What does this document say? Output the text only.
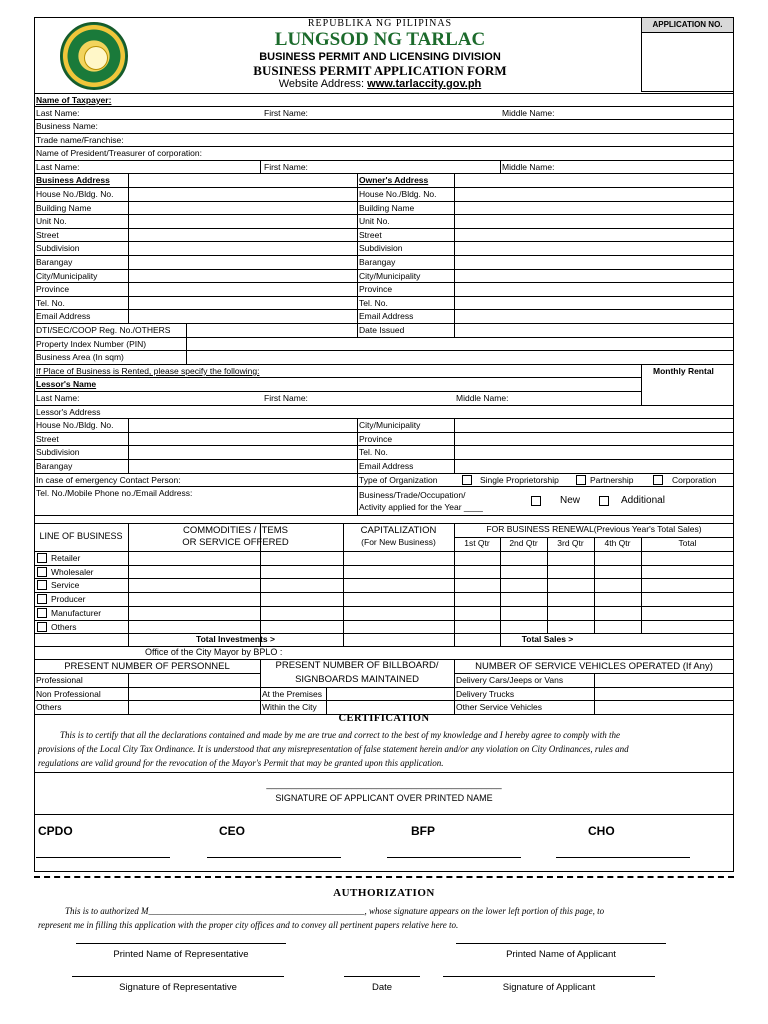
REPUBLIKA NG PILIPINAS
LUNGSOD NG TARLAC
BUSINESS PERMIT AND LICENSING DIVISION
BUSINESS PERMIT APPLICATION FORM
Website Address: www.tarlaccity.gov.ph
APPLICATION NO.
Name of Taxpayer:
Last Name:	First Name:	Middle Name:
Business Name:
Trade name/Franchise:
Name of President/Treasurer of corporation:
Last Name:	First Name:	Middle Name:
Business Address	Owner's Address
House No./Bldg. No.	House No./Bldg. No.
Building Name	Building Name
Unit No.	Unit No.
Street	Street
Subdivision	Subdivision
Barangay	Barangay
City/Municipality	City/Municipality
Province	Province
Tel. No.	Tel. No.
Email Address	Email Address
DTI/SEC/COOP Reg. No./OTHERS	Date Issued
Property Index Number (PIN)
Business Area (In sqm)
If Place of Business is Rented, please specify the following:	Monthly Rental
Lessor's Name
Last Name:	First Name:	Middle Name:
Lessor's Address
House No./Bldg. No.	City/Municipality
Street	Province
Subdivision	Tel. No.
Barangay	Email Address
In case of emergency Contact Person:	Type of Organization	Single Proprietorship	Partnership	Corporation
Tel. No./Mobile Phone no./Email Address:	Business/Trade/Occupation/
Activity applied for the Year ____
New	Additional
LINE OF BUSINESS	COMMODITIES / ITEMS
OR SERVICE OFFERED
CAPITALIZATION
(For New Business)
FOR BUSINESS RENEWAL(Previous Year's Total Sales)
1st Qtr	2nd Qtr	3rd Qtr	4th Qtr	Total
Retailer
Wholesaler
Service
Producer
Manufacturer
Others
Total Investments >	Total Sales >
Office of the City Mayor by BPLO :
PRESENT NUMBER OF PERSONNEL	PRESENT NUMBER OF BILLBOARD/
SIGNBOARDS MAINTAINED
NUMBER OF SERVICE VEHICLES OPERATED (If Any)
Professional
Non Professional
Others
At the Premises
Within the City
Delivery Cars/Jeeps or Vans
Delivery Trucks
Other Service Vehicles
CERTIFICATION
This is to certify that all the declarations contained and made by me are true and correct to the best of my knowledge and I hereby agree to comply with the
provisions of the Local City Tax Ordinance. It is understood that any misrepresentation of false statement herein and/or any violation on City Ordinances, rules and
regulations are valid ground for the revocation of the Mayor's Permit that may be granted upon this application.
_______________________________________________
SIGNATURE OF APPLICANT OVER PRINTED NAME
CPDO	CEO	BFP	CHO
AUTHORIZATION
This is to authorized M________________________________________________, whose signature appears on the lower left portion of this page, to
represent me in filling this application with the proper city offices and to convey all pertinent papers relative here to.
Printed Name of Representative	Printed Name of Applicant
Signature of Representative	Date	Signature of Applicant
